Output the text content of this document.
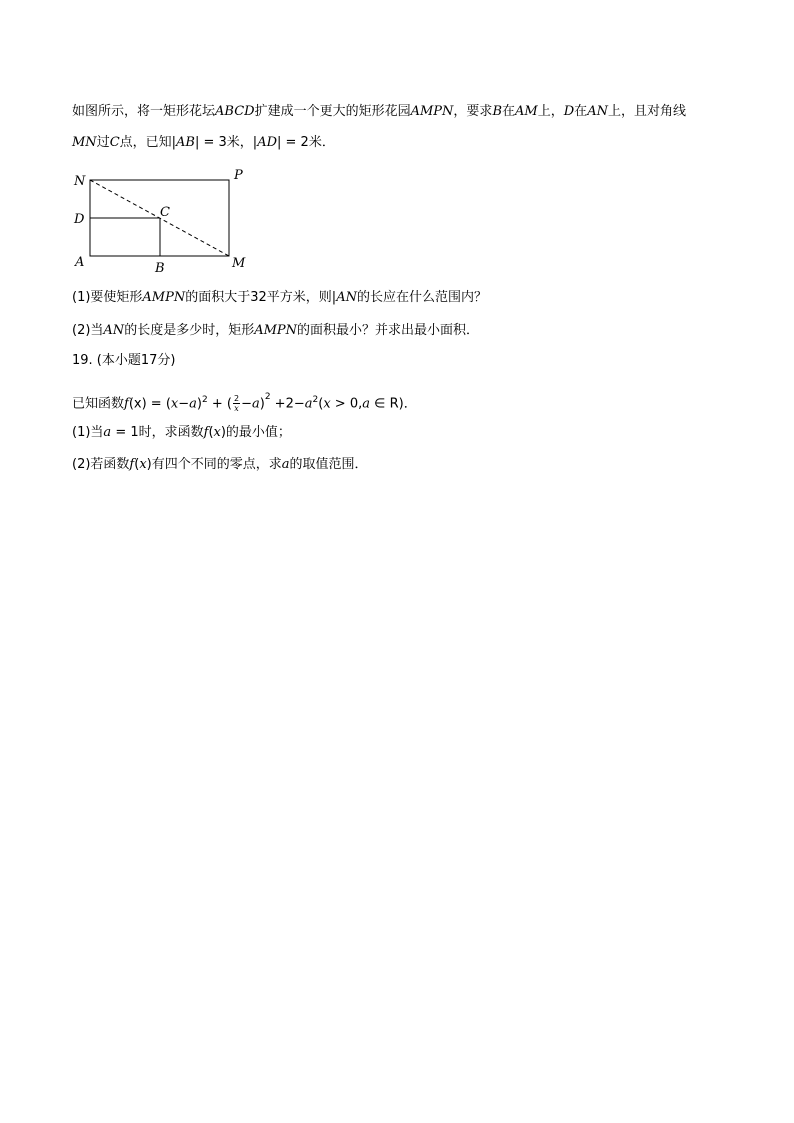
如图所示，将一矩形花坛ABCD扩建成一个更大的矩形花园AMPN，要求B在AM上，D在AN上，且对角线
MN过C点，已知|AB| = 3米，|AD| = 2米．
N	P
D	C
A	B	M
(1)要使矩形AMPN的面积大于32平方米，则|AN的长应在什么范围内？
(2)当AN的长度是多少时，矩形AMPN的面积最小？并求出最小面积．
19. (本小题17分)
已知函数$f(x) = (x-a)^2$ + ( $\frac{2}{x} -a)^2 +2-a^2(x > 0,a$ ∈ R)．
(1)当a = 1时，求函数f(x)的最小值；
(2)若函数f(x)有四个不同的零点，求a的取值范围．
